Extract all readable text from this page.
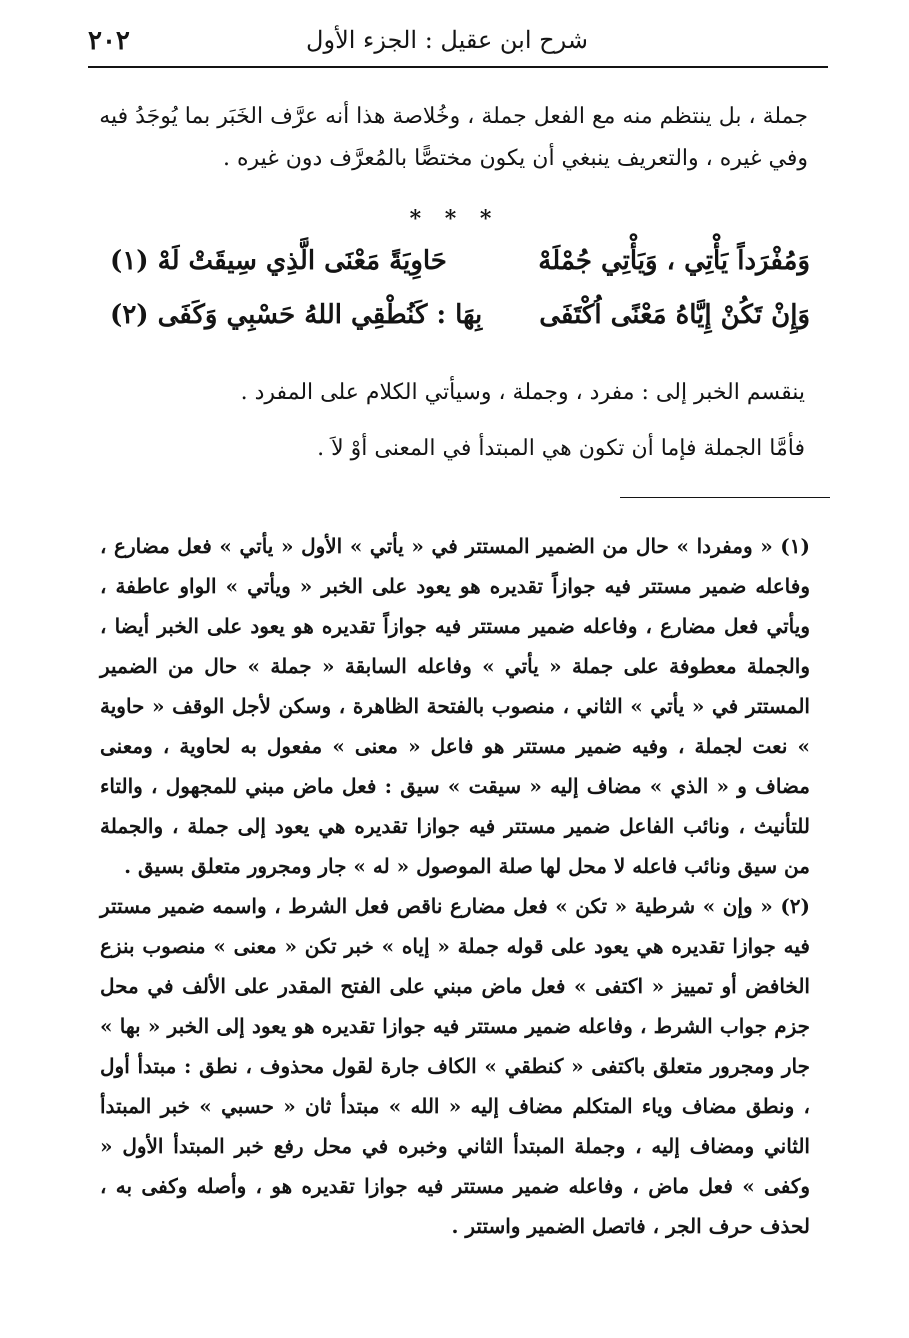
٢٠٢	شرح ابن عقيل : الجزء الأول
جملة ، بل ينتظم منه مع الفعل جملة ، وخُلاصة هذا أنه عرَّف الخَبَر بما يُوجَدُ فيه وفي غيره ، والتعريف ينبغي أن يكون مختصًّا بالمُعرَّف دون غيره .
* * *
وَمُفْرَداً يَأْتِي ، وَيَأْتِي جُمْلَهْ
حَاوِيَةً مَعْنَى الَّذِي سِيقَتْ لَهْ (١)
وَإِنْ تَكُنْ إِيَّاهُ مَعْنًى اُكْتَفَى
بِهَا : كَنُطْقِي اللهُ حَسْبِي وَكَفَى (٢)
ينقسم الخبر إلى : مفرد ، وجملة ، وسيأتي الكلام على المفرد .
فأمَّا الجملة فإما أن تكون هي المبتدأ في المعنى أوْ لاَ .

(١) « ومفردا » حال من الضمير المستتر في « يأتي » الأول « يأتي » فعل مضارع ، وفاعله ضمير مستتر فيه جوازاً تقديره هو يعود على الخبر « ويأتي » الواو عاطفة ، ويأتي فعل مضارع ، وفاعله ضمير مستتر فيه جوازاً تقديره هو يعود على الخبر أيضا ، والجملة معطوفة على جملة « يأتي » وفاعله السابقة « جملة » حال من الضمير المستتر في « يأتي » الثاني ، منصوب بالفتحة الظاهرة ، وسكن لأجل الوقف « حاوية » نعت لجملة ، وفيه ضمير مستتر هو فاعل « معنى » مفعول به لحاوية ، ومعنى مضاف و « الذي » مضاف إليه « سيقت » سيق : فعل ماض مبني للمجهول ، والتاء للتأنيث ، ونائب الفاعل ضمير مستتر فيه جوازا تقديره هي يعود إلى جملة ، والجملة من سيق ونائب فاعله لا محل لها صلة الموصول « له » جار ومجرور متعلق بسيق .

(٢) « وإن » شرطية « تكن » فعل مضارع ناقص فعل الشرط ، واسمه ضمير مستتر فيه جوازا تقديره هي يعود على قوله جملة « إياه » خبر تكن « معنى » منصوب بنزع الخافض أو تمييز « اكتفى » فعل ماض مبني على الفتح المقدر على الألف في محل جزم جواب الشرط ، وفاعله ضمير مستتر فيه جوازا تقديره هو يعود إلى الخبر « بها » جار ومجرور متعلق باكتفى « كنطقي » الكاف جارة لقول محذوف ، نطق : مبتدأ أول ، ونطق مضاف وياء المتكلم مضاف إليه « الله » مبتدأ ثان « حسبي » خبر المبتدأ الثاني ومضاف إليه ، وجملة المبتدأ الثاني وخبره في محل رفع خبر المبتدأ الأول « وكفى » فعل ماض ، وفاعله ضمير مستتر فيه جوازا تقديره هو ، وأصله وكفى به ، لحذف حرف الجر ، فاتصل الضمير واستتر .
